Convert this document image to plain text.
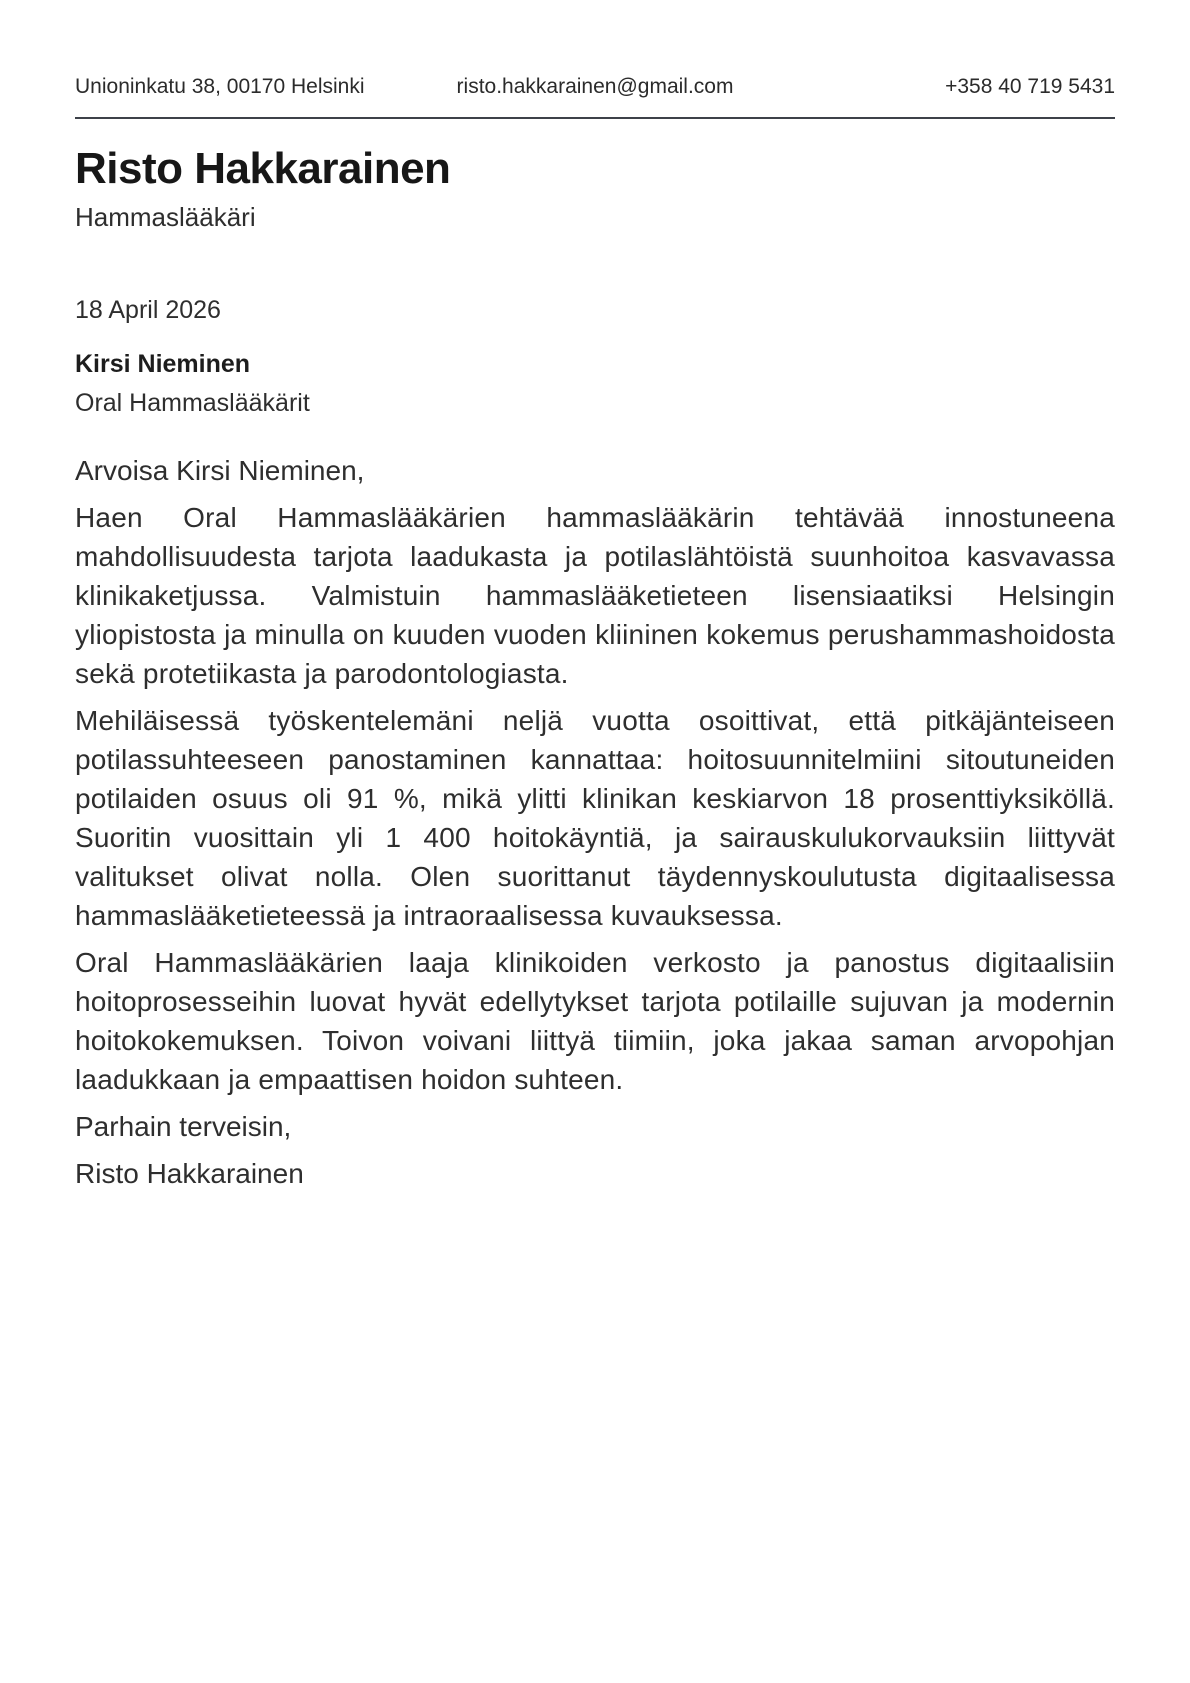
Unioninkatu 38, 00170 Helsinki	risto.hakkarainen@gmail.com	+358 40 719 5431
Risto Hakkarainen
Hammaslääkäri
18 April 2026
Kirsi Nieminen
Oral Hammaslääkärit
Arvoisa Kirsi Nieminen,

Haen Oral Hammaslääkärien hammaslääkärin tehtävää innostuneena mahdollisuudesta tarjota laadukasta ja potilaslähtöistä suunhoitoa kasvavassa klinikaketjussa. Valmistuin hammaslääketieteen lisensiaatiksi Helsingin yliopistosta ja minulla on kuuden vuoden kliininen kokemus perushammashoidosta sekä protetiikasta ja parodontologiasta.

Mehiläisessä työskentelemäni neljä vuotta osoittivat, että pitkäjänteiseen potilassuhteeseen panostaminen kannattaa: hoitosuunnitelmiini sitoutuneiden potilaiden osuus oli 91 %, mikä ylitti klinikan keskiarvon 18 prosenttiyksiköllä. Suoritin vuosittain yli 1 400 hoitokäyntiä, ja sairauskulukorvauksiin liittyvät valitukset olivat nolla. Olen suorittanut täydennyskoulutusta digitaalisessa hammaslääketieteessä ja intraoraalisessa kuvauksessa.

Oral Hammaslääkärien laaja klinikoiden verkosto ja panostus digitaalisiin hoitoprosesseihin luovat hyvät edellytykset tarjota potilaille sujuvan ja modernin hoitokokemuksen. Toivon voivani liittyä tiimiin, joka jakaa saman arvopohjan laadukkaan ja empaattisen hoidon suhteen.

Parhain terveisin,
Risto Hakkarainen
